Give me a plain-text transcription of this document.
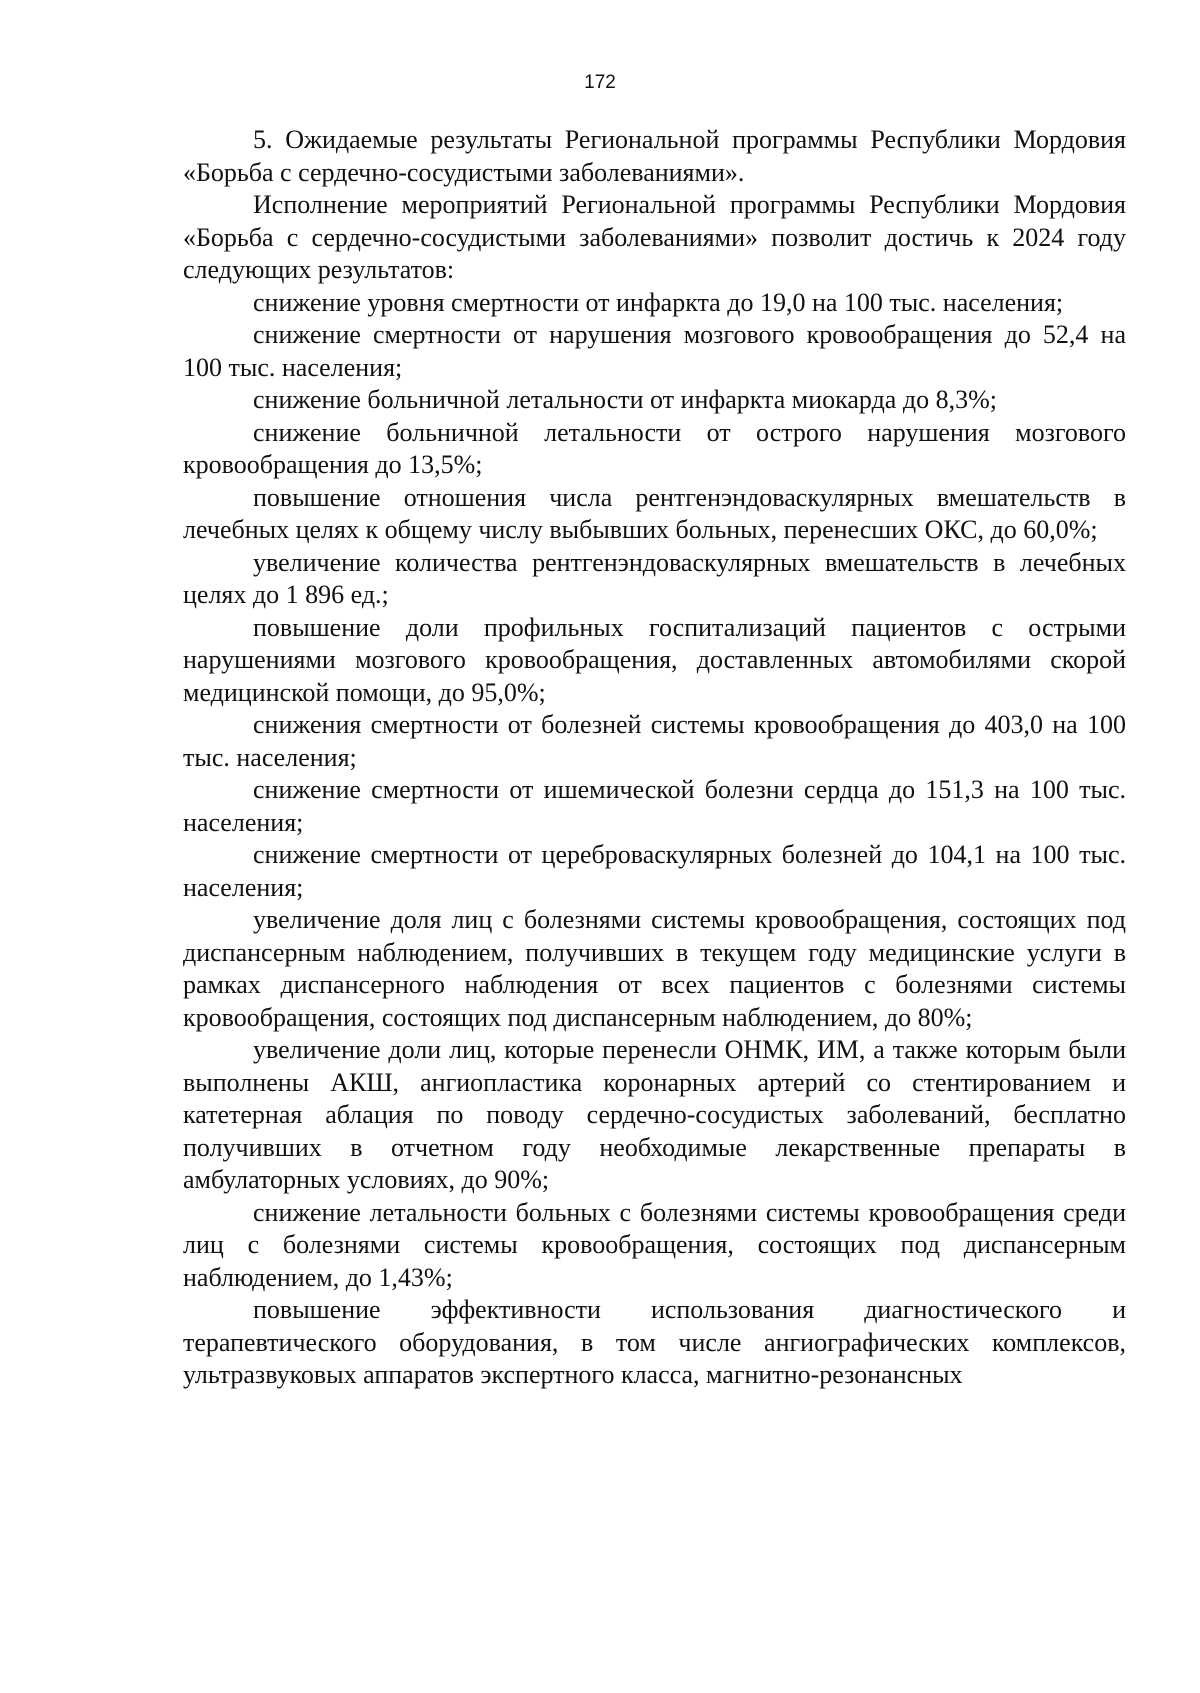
172

5. Ожидаемые результаты Региональной программы Республики Мордовия «Борьба с сердечно-сосудистыми заболеваниями».

Исполнение мероприятий Региональной программы Республики Мордовия «Борьба с сердечно-сосудистыми заболеваниями» позволит достичь к 2024 году следующих результатов:

снижение уровня смертности от инфаркта до 19,0 на 100 тыс. населения;

снижение смертности от нарушения мозгового кровообращения до 52,4 на 100 тыс. населения;

снижение больничной летальности от инфаркта миокарда до 8,3%;

снижение больничной летальности от острого нарушения мозгового кровообращения до 13,5%;

повышение отношения числа рентгенэндоваскулярных вмешательств в лечебных целях к общему числу выбывших больных, перенесших ОКС, до 60,0%;

увеличение количества рентгенэндоваскулярных вмешательств в лечебных целях до 1 896 ед.;

повышение доли профильных госпитализаций пациентов с острыми нарушениями мозгового кровообращения, доставленных автомобилями скорой медицинской помощи, до 95,0%;

снижения смертности от болезней системы кровообращения до 403,0 на 100 тыс. населения;

снижение смертности от ишемической болезни сердца до 151,3 на 100 тыс. населения;

снижение смертности от цереброваскулярных болезней до 104,1 на 100 тыс. населения;

увеличение доля лиц с болезнями системы кровообращения, состоящих под диспансерным наблюдением, получивших в текущем году медицинские услуги в рамках диспансерного наблюдения от всех пациентов с болезнями системы кровообращения, состоящих под диспансерным наблюдением, до 80%;

увеличение доли лиц, которые перенесли ОНМК, ИМ, а также которым были выполнены АКШ, ангиопластика коронарных артерий со стентированием и катетерная аблация по поводу сердечно-сосудистых заболеваний, бесплатно получивших в отчетном году необходимые лекарственные препараты в амбулаторных условиях, до 90%;

снижение летальности больных с болезнями системы кровообращения среди лиц с болезнями системы кровообращения, состоящих под диспансерным наблюдением, до 1,43%;

повышение эффективности использования диагностического и терапевтического оборудования, в том числе ангиографических комплексов, ультразвуковых аппаратов экспертного класса, магнитно-резонансных
